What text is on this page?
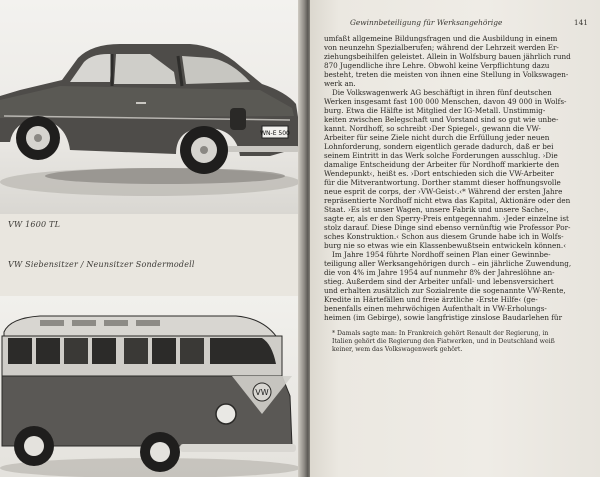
WN-E 500
VW 1600 TL
VW Siebensitzer / Neunsitzer Sondermodell
VW
Gewinnbeteiligung für Werksangehörige	141
umfaßt allgemeine Bildungsfragen und die Ausbildung in einem
von neunzehn Spezialberufen; während der Lehrzeit werden Er-
ziehungsbeihilfen geleistet. Allein in Wolfsburg bauen jährlich rund
870 Jugendliche ihre Lehre. Obwohl keine Verpflichtung dazu
besteht, treten die meisten von ihnen eine Stellung in Volkswagen-
werk an.
Die Volkswagenwerk AG beschäftigt in ihren fünf deutschen
Werken insgesamt fast 100 000 Menschen, davon 49 000 in Wolfs-
burg. Etwa die Hälfte ist Mitglied der IG-Metall. Unstimmig-
keiten zwischen Belegschaft und Vorstand sind so gut wie unbe-
kannt. Nordhoff, so schreibt ›Der Spiegel‹, gewann die VW-
Arbeiter für seine Ziele nicht durch die Erfüllung jeder neuen
Lohnforderung, sondern eigentlich gerade dadurch, daß er bei
seinem Eintritt in das Werk solche Forderungen ausschlug. ›Die
damalige Entscheidung der Arbeiter für Nordhoff markierte den
Wendepunkt‹, heißt es. ›Dort entschieden sich die VW-Arbeiter
für die Mitverantwortung. Dorther stammt dieser hoffnungsvolle
neue esprit de corps, der ›VW-Geist‹.‹* Während der ersten Jahre
repräsentierte Nordhoff nicht etwa das Kapital, Aktionäre oder den
Staat. ›Es ist unser Wagen, unsere Fabrik und unsere Sache‹,
sagte er, als er den Sperry-Preis entgegennahm. ›Jeder einzelne ist
stolz darauf. Diese Dinge sind ebenso vernünftig wie Professor Por-
sches Konstruktion.‹ Schon aus diesem Grunde habe ich in Wolfs-
burg nie so etwas wie ein Klassenbewußtsein entwickeln können.‹
Im Jahre 1954 führte Nordhoff seinen Plan einer Gewinnbe-
teiligung aller Werksangehörigen durch – ein jährliche Zuwendung,
die von 4% im Jahre 1954 auf nunmehr 8% der Jahreslöhne an-
stieg. Außerdem sind der Arbeiter unfall- und lebensversichert
und erhalten zusätzlich zur Sozialrente die sogenannte VW-Rente,
Kredite in Härtefällen und freie ärztliche ›Erste Hilfe‹ (ge-
benenfalls einen mehrwöchigen Aufenthalt in VW-Erholungs-
heimen (im Gebirge), sowie langfristige zinslose Baudarlehen für
* Damals sagte man: In Frankreich gehört Renault der Regierung, in
Italien gehört die Regierung den Fiatwerken, und in Deutschland weiß
keiner, wem das Volkswagenwerk gehört.
